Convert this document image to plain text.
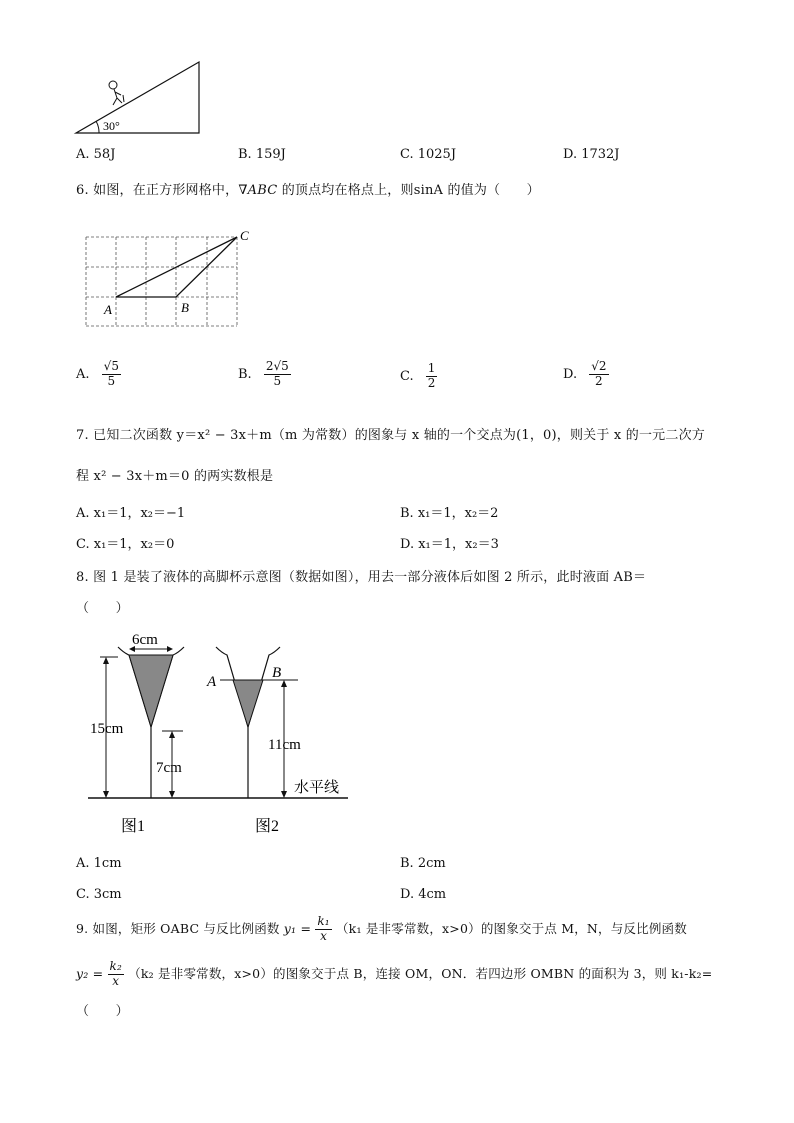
30°
A. 58J	B. 159J	C. 1025J	D. 1732J
6. 如图，在正方形网格中，∇ABC 的顶点均在格点上，则sinA 的值为（　　）
A	B
C
A. $\frac{√5}{5}$	B. $\frac{2√5}{5}$	C. $\frac{1}{2}$	D. $\frac{√2}{2}$
7. 已知二次函数 y＝x² − 3x＋m（m 为常数）的图象与 x 轴的一个交点为(1，0)，则关于 x 的一元二次方
程 x² − 3x＋m＝0 的两实数根是
A. x₁＝1，x₂＝−1	B. x₁＝1，x₂＝2
C. x₁＝1，x₂＝0	D. x₁＝1，x₂＝3
8. 图 1 是装了液体的高脚杯示意图（数据如图），用去一部分液体后如图 2 所示，此时液面 AB＝
（　　）
6cm
15cm
7cm
A
B
11cm
水平线
图1	图2
A. 1cm	B. 2cm
C. 3cm	D. 4cm
9. 如图，矩形 OABC 与反比例函数 $y_1 = \frac{\text{k₁}}{x} (k_1$ 是非零常数，x>0）的图象交于点 M，N，与反比例函数
$y_2 = \frac{\text{k₂}}{x} (k_2$ 是非零常数，x>0）的图象交于点 B，连接 OM，ON．若四边形 OMBN 的面积为 3，则 k₁-k₂=
（　　）
